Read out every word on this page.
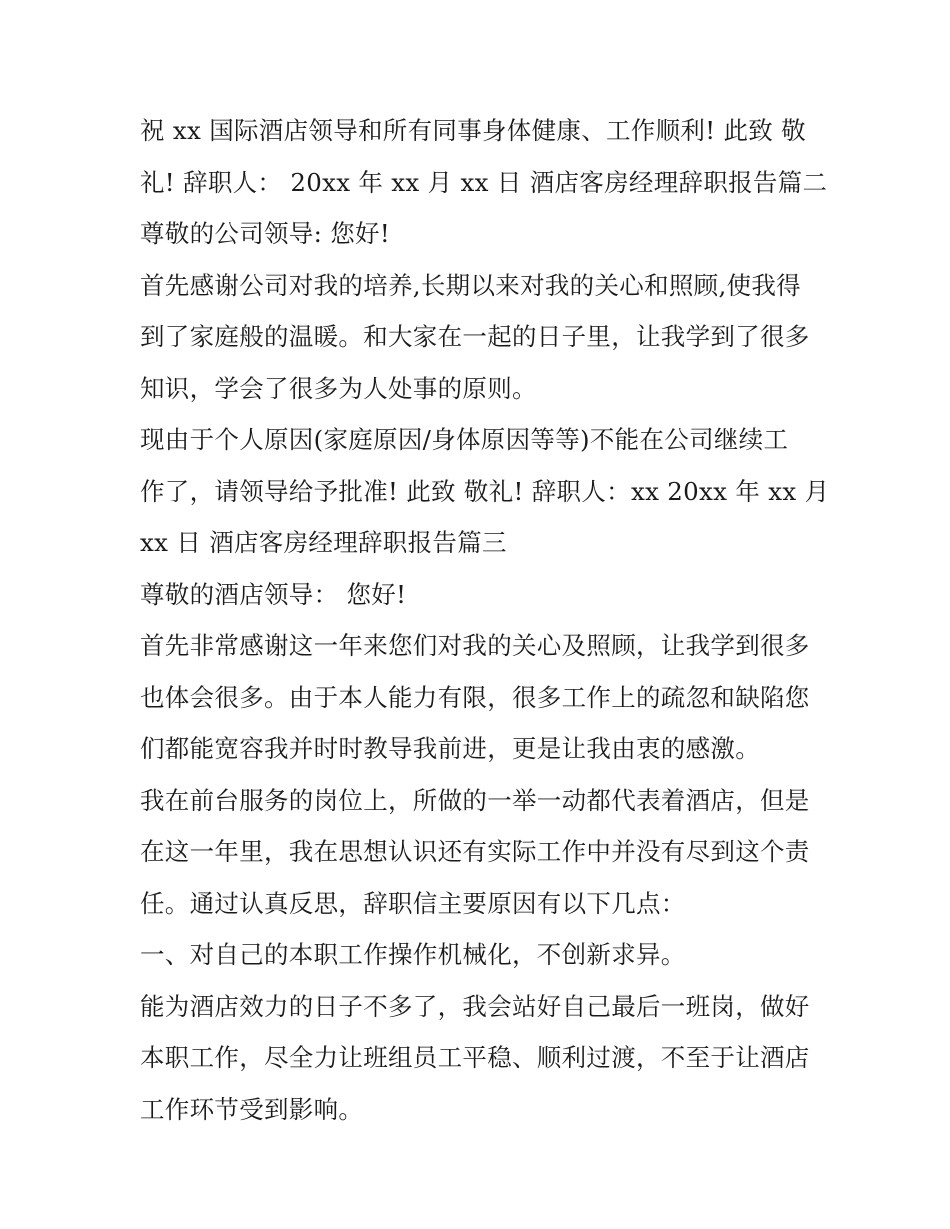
祝 xx 国际酒店领导和所有同事身体健康、工作顺利! 此致 敬
礼! 辞职人： 20xx 年 xx 月 xx 日 酒店客房经理辞职报告篇二
尊敬的公司领导: 您好!
首先感谢公司对我的培养,长期以来对我的关心和照顾,使我得
到了家庭般的温暖。和大家在一起的日子里，让我学到了很多
知识，学会了很多为人处事的原则。
现由于个人原因(家庭原因/身体原因等等)不能在公司继续工
作了，请领导给予批准! 此致 敬礼! 辞职人：xx 20xx 年 xx 月
xx 日 酒店客房经理辞职报告篇三
尊敬的酒店领导： 您好!
首先非常感谢这一年来您们对我的关心及照顾，让我学到很多
也体会很多。由于本人能力有限，很多工作上的疏忽和缺陷您
们都能宽容我并时时教导我前进，更是让我由衷的感激。
我在前台服务的岗位上，所做的一举一动都代表着酒店，但是
在这一年里，我在思想认识还有实际工作中并没有尽到这个责
任。通过认真反思，辞职信主要原因有以下几点：
一、对自己的本职工作操作机械化，不创新求异。
能为酒店效力的日子不多了，我会站好自己最后一班岗，做好
本职工作，尽全力让班组员工平稳、顺利过渡，不至于让酒店
工作环节受到影响。
